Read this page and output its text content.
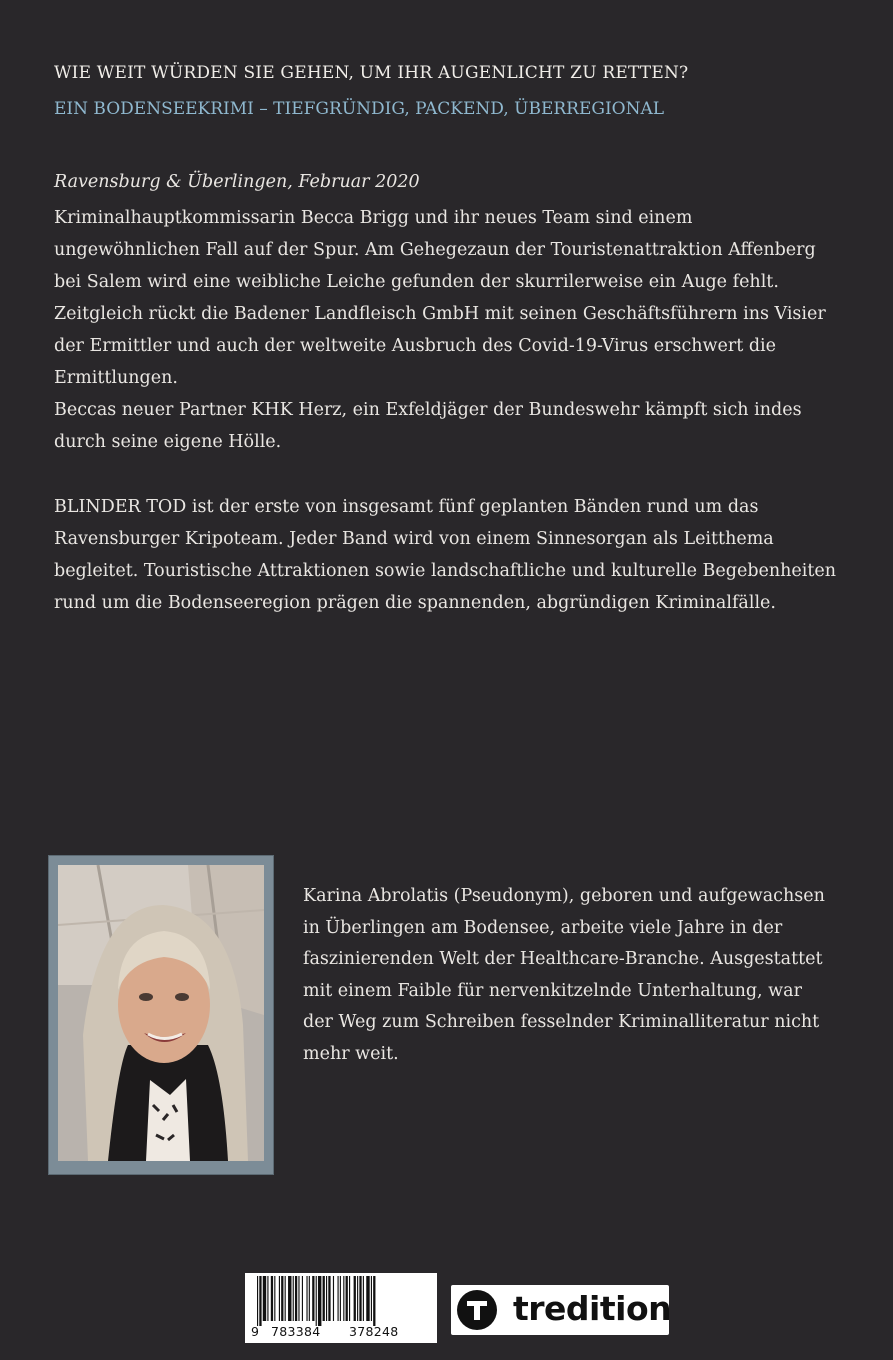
WIE WEIT WÜRDEN SIE GEHEN, UM IHR AUGENLICHT ZU RETTEN?
EIN BODENSEEKRIMI – TIEFGRÜNDIG, PACKEND, ÜBERREGIONAL
Ravensburg & Überlingen, Februar 2020

Kriminalhauptkommissarin Becca Brigg und ihr neues Team sind einem

ungewöhnlichen Fall auf der Spur. Am Gehegezaun der Touristenattraktion Affenberg

bei Salem wird eine weibliche Leiche gefunden der skurrilerweise ein Auge fehlt.

Zeitgleich rückt die Badener Landfleisch GmbH mit seinen Geschäftsführern ins Visier

der Ermittler und auch der weltweite Ausbruch des Covid-19-Virus erschwert die

Ermittlungen.

Beccas neuer Partner KHK Herz, ein Exfeldjäger der Bundeswehr kämpft sich indes

durch seine eigene Hölle.

BLINDER TOD ist der erste von insgesamt fünf geplanten Bänden rund um das

Ravensburger Kripoteam. Jeder Band wird von einem Sinnesorgan als Leitthema

begleitet. Touristische Attraktionen sowie landschaftliche und kulturelle Begebenheiten

rund um die Bodenseeregion prägen die spannenden, abgründigen Kriminalfälle.

Karina Abrolatis (Pseudonym), geboren und aufgewachsen
in Überlingen am Bodensee, arbeite viele Jahre in der
faszinierenden Welt der Healthcare-Branche. Ausgestattet
mit einem Faible für nervenkitzelnde Unterhaltung, war
der Weg zum Schreiben fesselnder Kriminalliteratur nicht
mehr weit.
9 783384 378248
tredition
